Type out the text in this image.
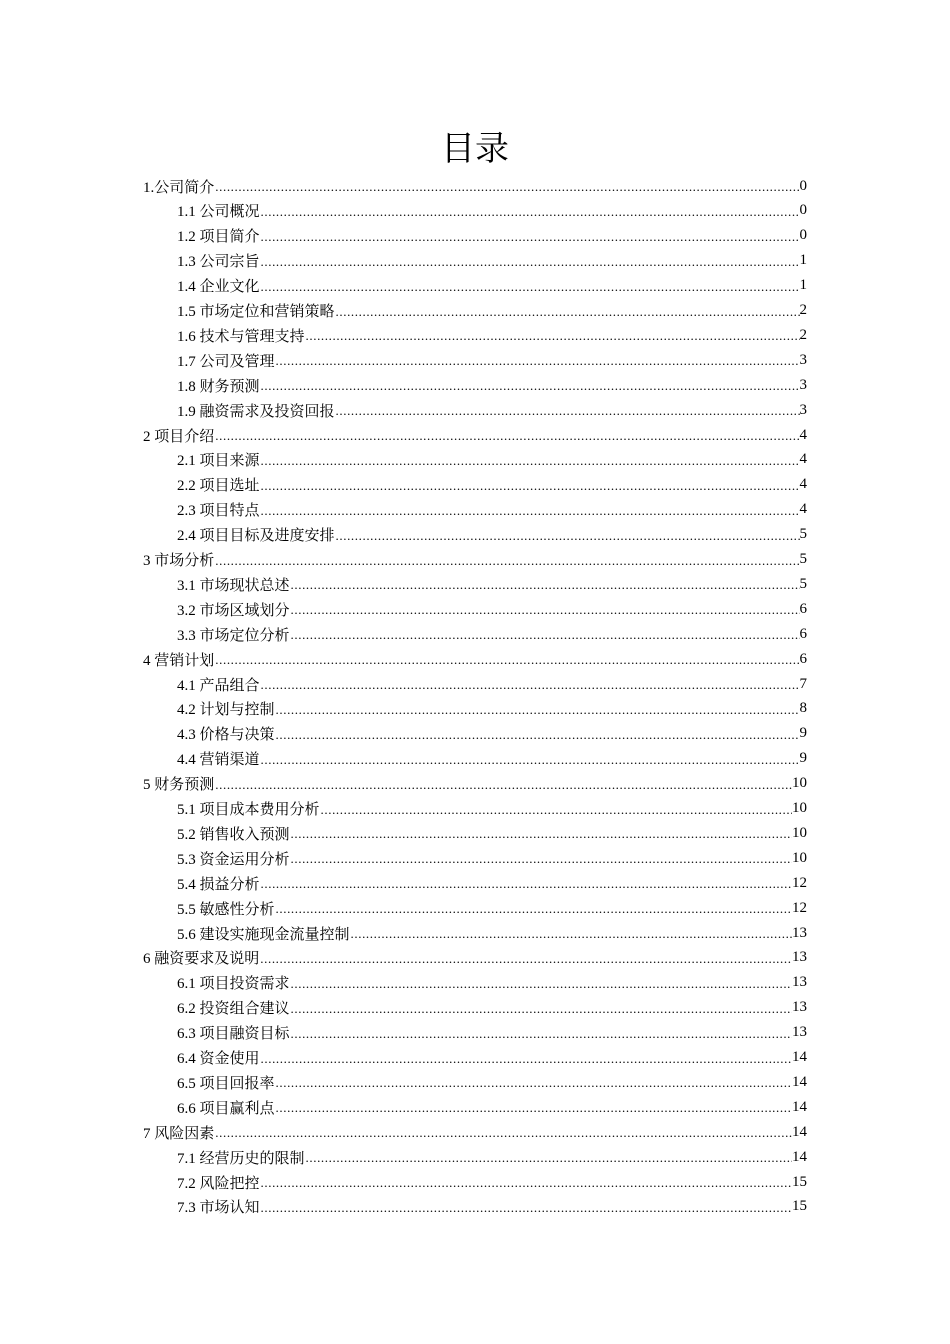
目录
1.公司简介 .....	0
1.1 公司概况 .....	0
1.2 项目简介 .....	0
1.3 公司宗旨 .....	1
1.4 企业文化 .....	1
1.5 市场定位和营销策略 .....	2
1.6 技术与管理支持 .....	2
1.7 公司及管理 .....	3
1.8 财务预测 .....	3
1.9 融资需求及投资回报 .....	3
2 项目介绍 .....	4
2.1 项目来源 .....	4
2.2 项目选址 .....	4
2.3 项目特点 .....	4
2.4 项目目标及进度安排 .....	5
3 市场分析 .....	5
3.1 市场现状总述 .....	5
3.2 市场区域划分 .....	6
3.3 市场定位分析 .....	6
4 营销计划 .....	6
4.1 产品组合 .....	7
4.2 计划与控制 .....	8
4.3 价格与决策 .....	9
4.4 营销渠道 .....	9
5 财务预测 .....	10
5.1 项目成本费用分析 .....	10
5.2 销售收入预测 .....	10
5.3 资金运用分析 .....	10
5.4 损益分析 .....	12
5.5 敏感性分析 .....	12
5.6 建设实施现金流量控制 .....	13
6 融资要求及说明 .....	13
6.1 项目投资需求 .....	13
6.2 投资组合建议 .....	13
6.3 项目融资目标 .....	13
6.4 资金使用 .....	14
6.5 项目回报率 .....	14
6.6 项目赢利点 .....	14
7 风险因素 .....	14
7.1 经营历史的限制 .....	14
7.2 风险把控 .....	15
7.3 市场认知 .....	15
